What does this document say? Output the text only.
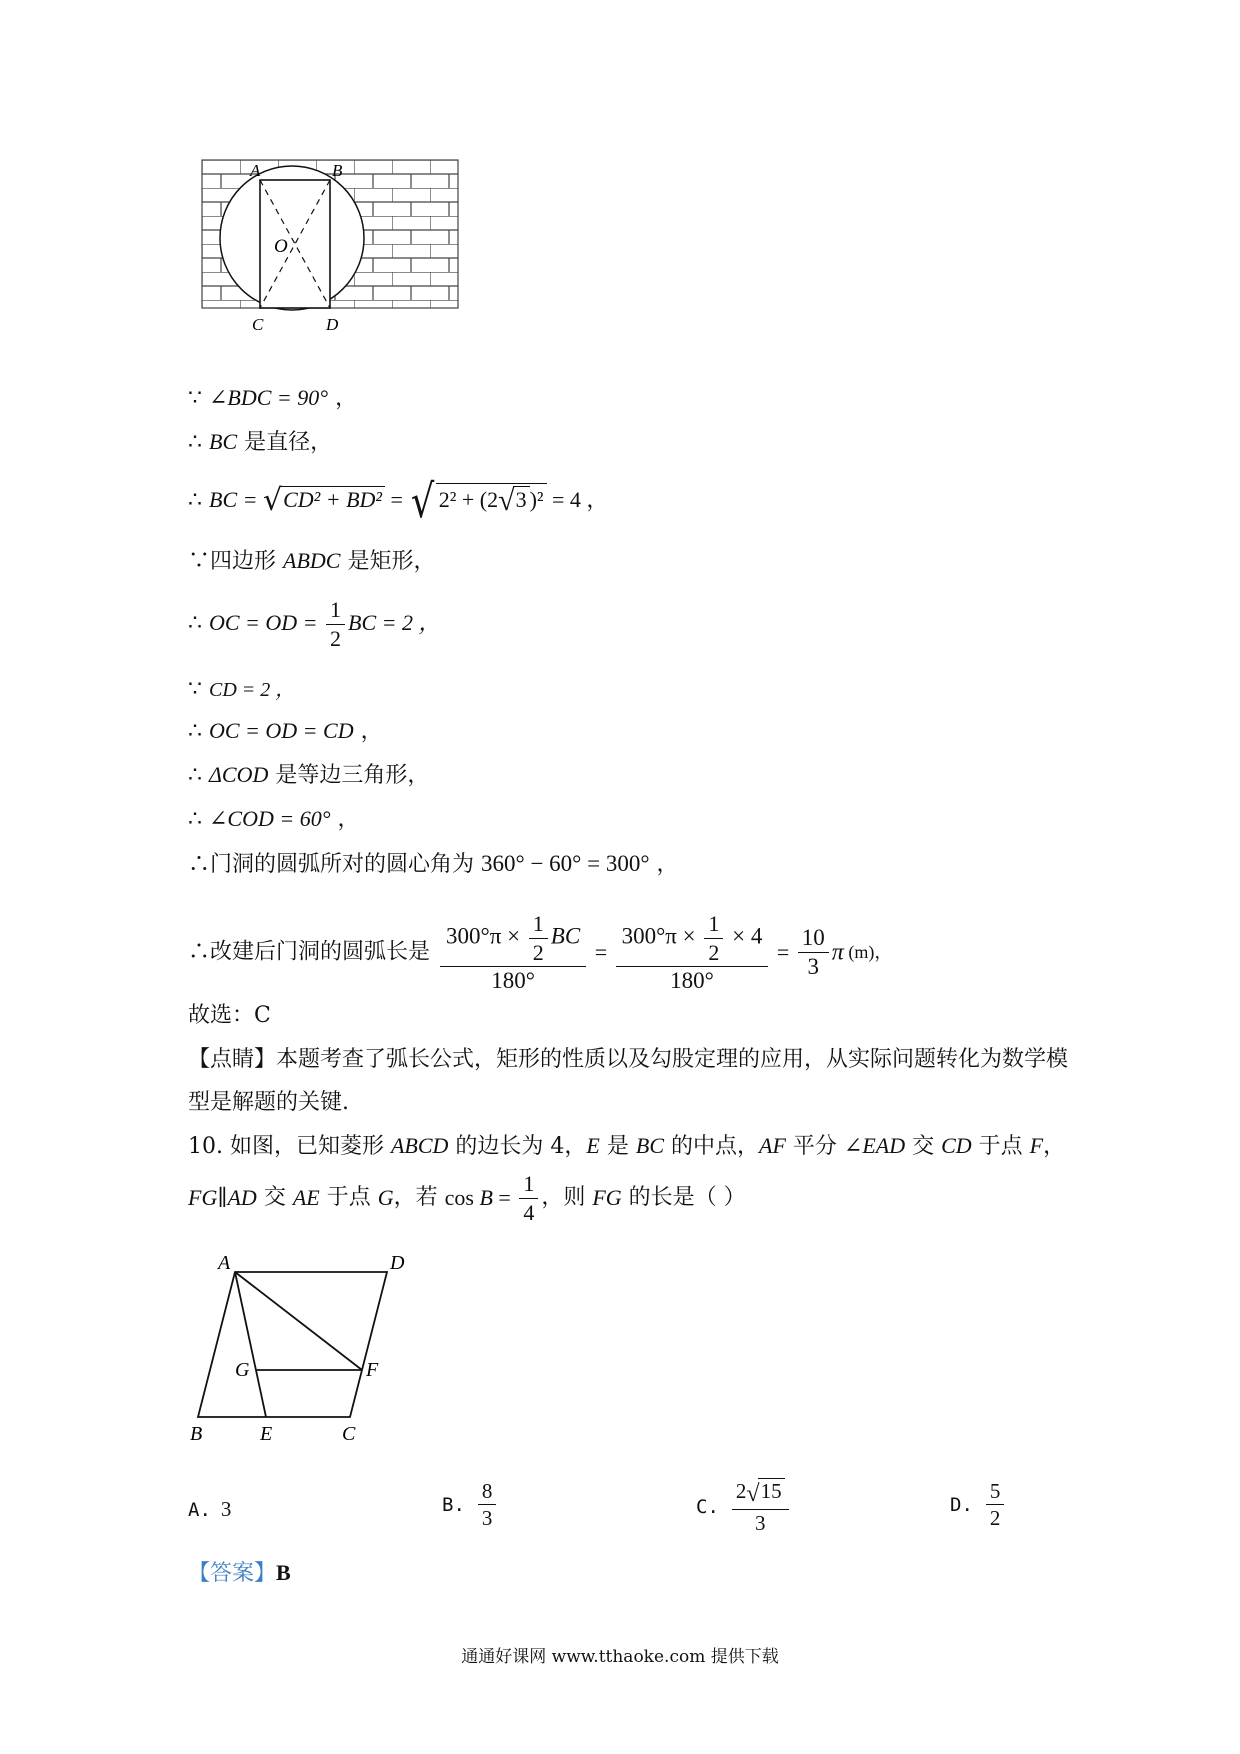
A	B
O
C	D
∵ ∠BDC = 90° ，
∴ BC 是直径，
∴ BC = √CD² + BD² = √ 2² + (2√3 )² = 4 ，
∵四边形 ABDC 是矩形，
∴ OC = OD = $\frac{1}{2}$ BC = 2 ，
∵ CD = 2 ，
∴ OC = OD = CD ，
∴ ΔCOD 是等边三角形，
∴ ∠COD = 60° ，
∴门洞的圆弧所对的圆心角为 360° − 60° = 300° ，
∴改建后门洞的圆弧长是 $\frac{300^\circ\pi \times \frac{1}{2} BC}{180^\circ} = \frac{300^\circ\pi \times \frac{1}{2} \times 4}{180^\circ} = \frac{10}{3}$ π (m)，
故选：C
【点睛】本题考查了弧长公式，矩形的性质以及勾股定理的应用，从实际问题转化为数学模
型是解题的关键.
10. 如图，已知菱形 ABCD 的边长为 4，E 是 BC 的中点，AF 平分 ∠EAD 交 CD 于点 F，
FG∥AD 交 AE 于点 G，若 $\cos B = \frac{1}{4}$ ，则 FG 的长是（ ）
A	D
G	F
B	E	C
A. 3	B. $\frac{8}{3}$	C. $\frac{2√15}{3}$	D. $\frac{5}{2}$
【答案】B
通通好课网 www.tthaoke.com 提供下载
